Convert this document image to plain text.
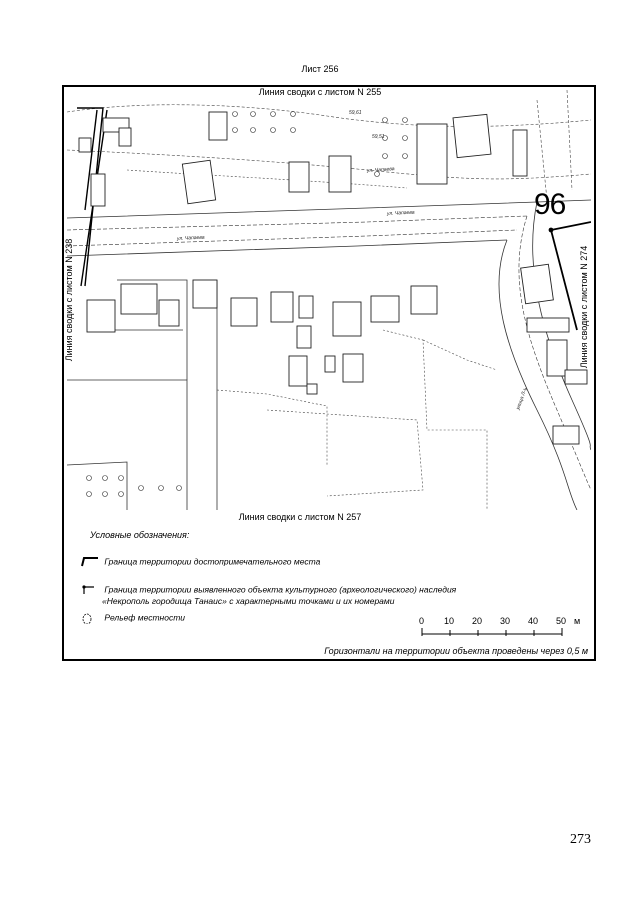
Лист 256
Линия сводки с листом N 255
ул. Чапаева
ул. Чапаева
ул. Чапаева
улица Л-ъ
59,61
59,51
96
Линия сводки с листом N 238	Линия сводки с листом N 274
Линия сводки с листом N 257
Условные обозначения:
Граница территории достопримечательного места
Граница территории выявленного объекта культурного (археологического) наследия
«Некрополь городища Танаис» с характерными точками и их номерами
Рельеф местности	0 10 20 30 40 50 м
Горизонтали на территории объекта проведены через 0,5 м
273
